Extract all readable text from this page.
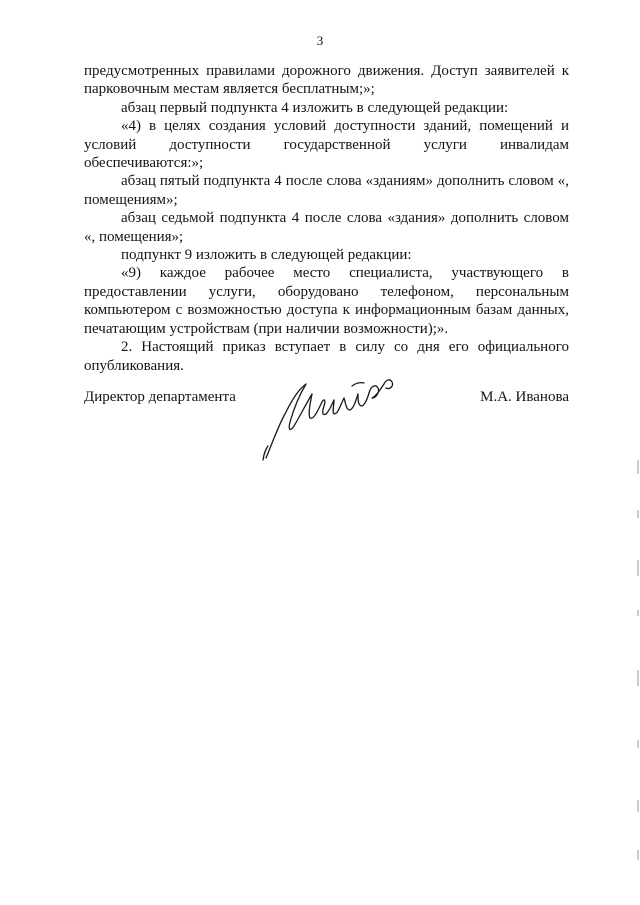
3

предусмотренных правилами дорожного движения. Доступ заявителей к парковочным местам является бесплатным;»;

абзац первый подпункта 4 изложить в следующей редакции:

«4) в целях создания условий доступности зданий, помещений и условий доступности государственной услуги инвалидам обеспечиваются:»;

абзац пятый подпункта 4 после слова «зданиям» дополнить словом «, помещениям»;

абзац седьмой подпункта 4 после слова «здания» дополнить словом «, помещения»;

подпункт 9 изложить в следующей редакции:

«9) каждое рабочее место специалиста, участвующего в предоставлении услуги, оборудовано телефоном, персональным компьютером с возможностью доступа к информационным базам данных, печатающим устройствам (при наличии возможности);».

2. Настоящий приказ вступает в силу со дня его официального опубликования.

Директор департамента	М.А. Иванова
